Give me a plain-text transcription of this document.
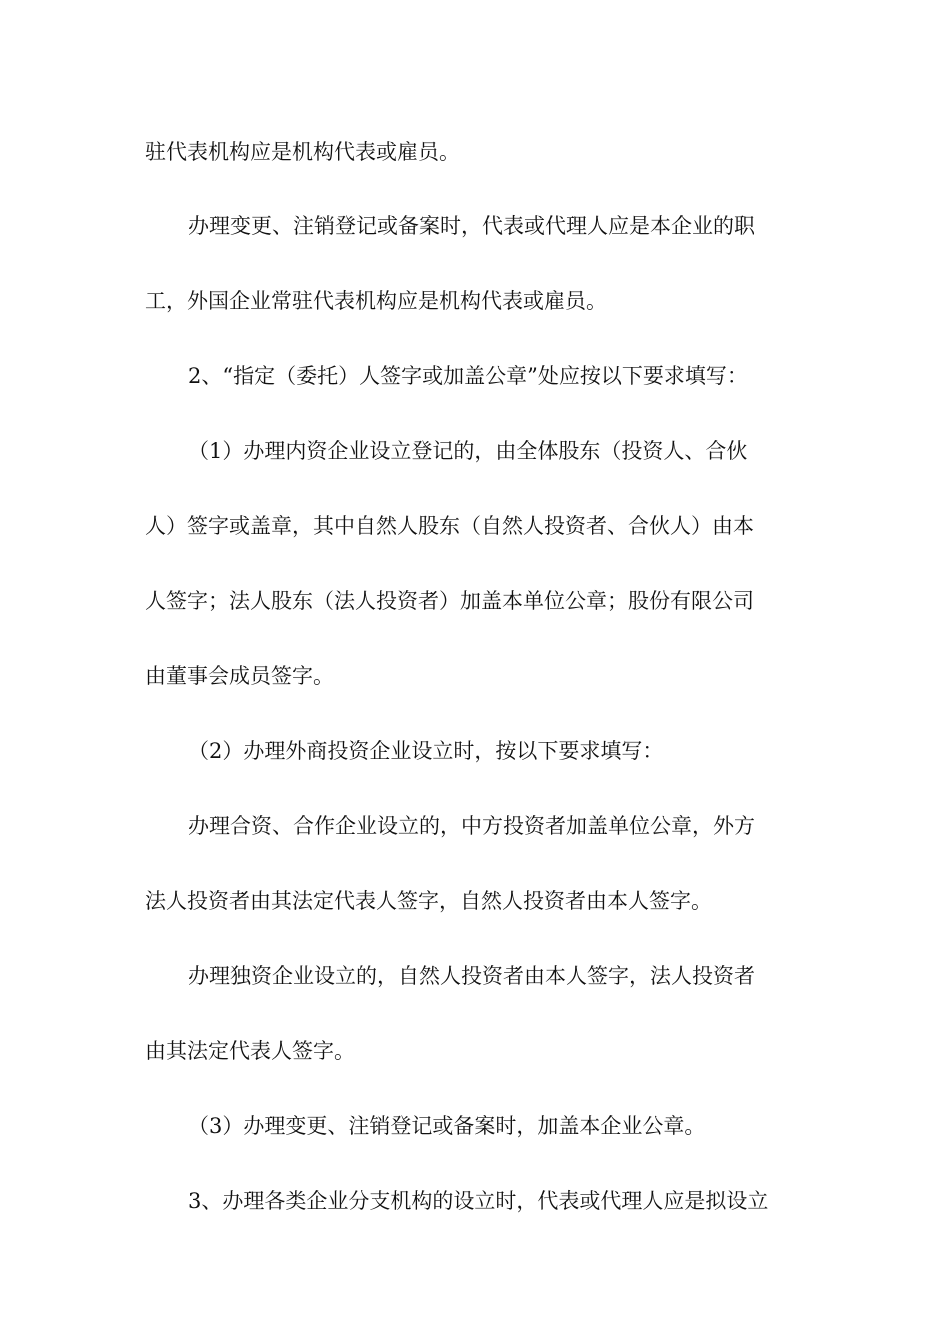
驻代表机构应是机构代表或雇员。
办理变更、注销登记或备案时，代表或代理人应是本企业的职
工，外国企业常驻代表机构应是机构代表或雇员。
2、“指定（委托）人签字或加盖公章”处应按以下要求填写：
（1）办理内资企业设立登记的，由全体股东（投资人、合伙
人）签字或盖章，其中自然人股东（自然人投资者、合伙人）由本
人签字；法人股东（法人投资者）加盖本单位公章；股份有限公司
由董事会成员签字。
（2）办理外商投资企业设立时，按以下要求填写：
办理合资、合作企业设立的，中方投资者加盖单位公章，外方
法人投资者由其法定代表人签字，自然人投资者由本人签字。
办理独资企业设立的，自然人投资者由本人签字，法人投资者
由其法定代表人签字。
（3）办理变更、注销登记或备案时，加盖本企业公章。
3、办理各类企业分支机构的设立时，代表或代理人应是拟设立
